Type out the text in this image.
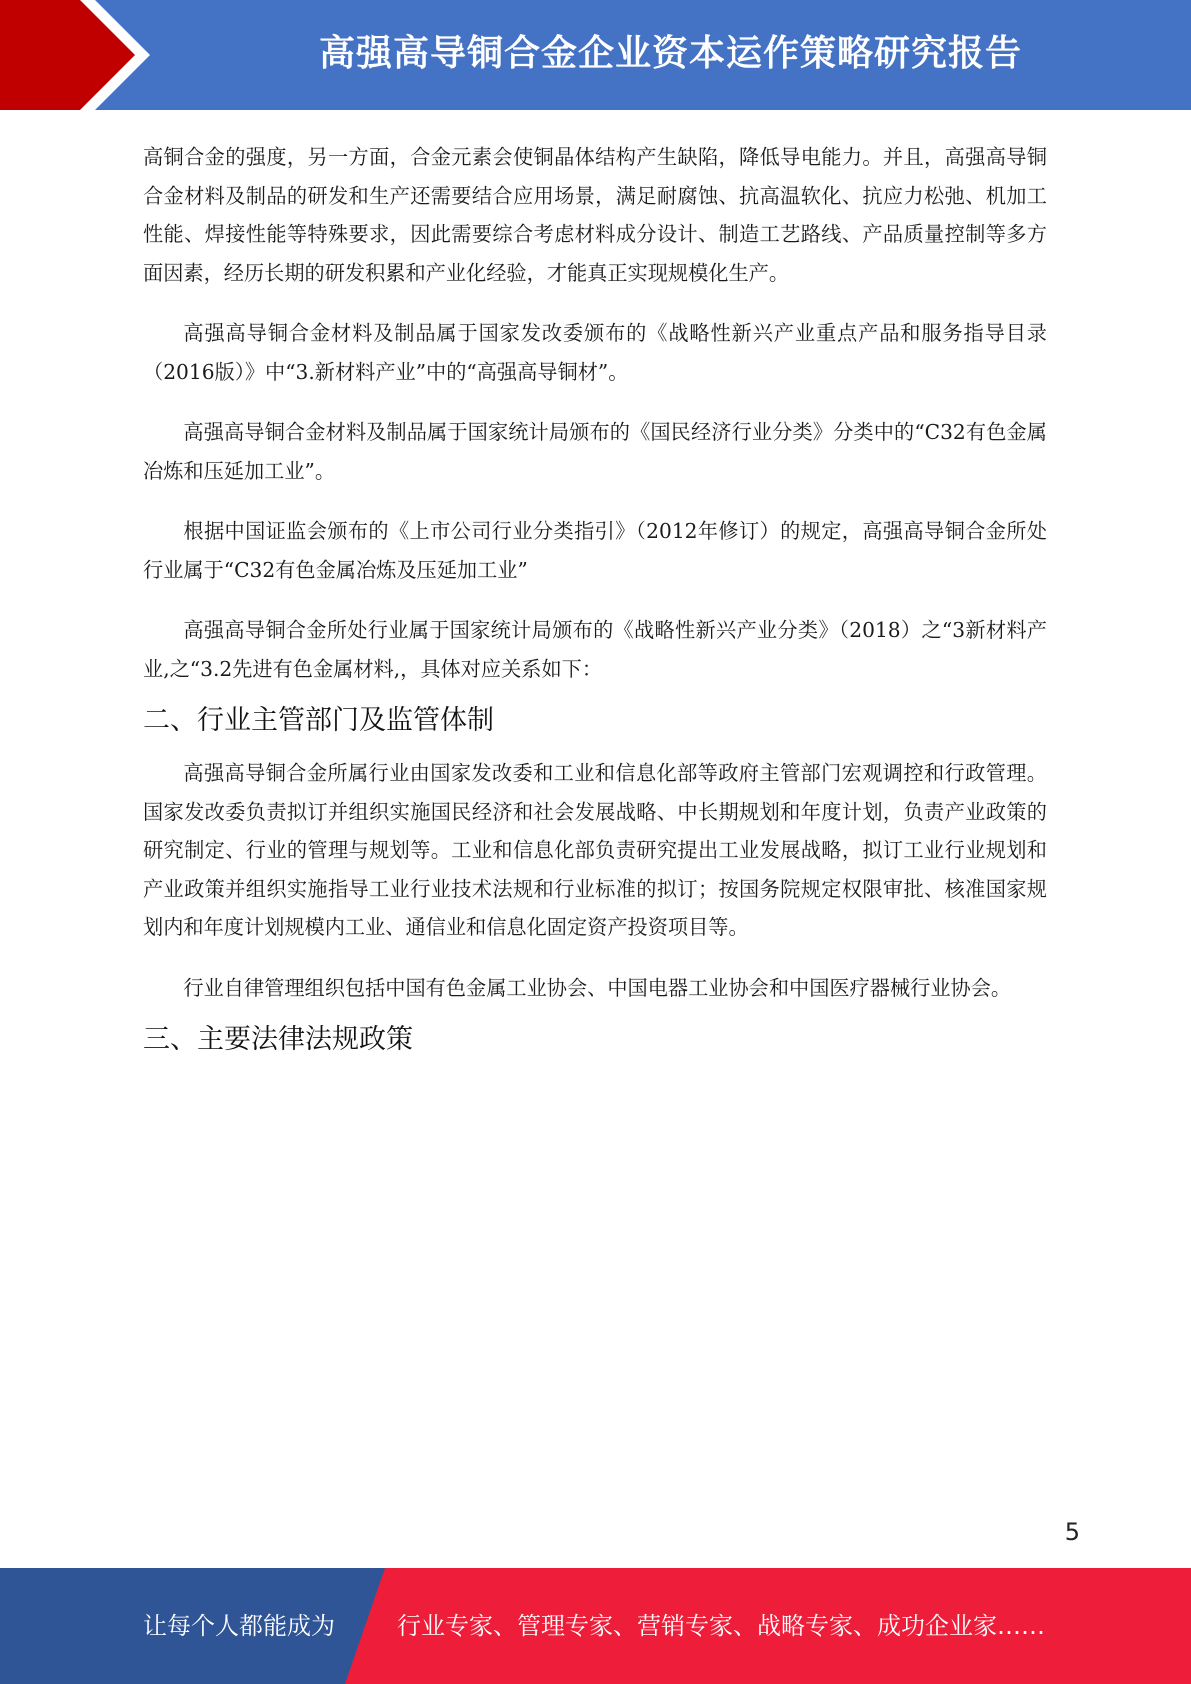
高强高导铜合金企业资本运作策略研究报告

高铜合金的强度，另一方面，合金元素会使铜晶体结构产生缺陷，降低导电能力。并且，高强高导铜合金材料及制品的研发和生产还需要结合应用场景，满足耐腐蚀、抗高温软化、抗应力松弛、机加工性能、焊接性能等特殊要求，因此需要综合考虑材料成分设计、制造工艺路线、产品质量控制等多方面因素，经历长期的研发积累和产业化经验，才能真正实现规模化生产。

高强高导铜合金材料及制品属于国家发改委颁布的《战略性新兴产业重点产品和服务指导目录（2016版）》中“3.新材料产业”中的“高强高导铜材”。

高强高导铜合金材料及制品属于国家统计局颁布的《国民经济行业分类》分类中的“C32有色金属冶炼和压延加工业”。

根据中国证监会颁布的《上市公司行业分类指引》（2012年修订）的规定，高强高导铜合金所处行业属于“C32有色金属冶炼及压延加工业”

高强高导铜合金所处行业属于国家统计局颁布的《战略性新兴产业分类》（2018）之“3新材料产业,之“3.2先进有色金属材料,，具体对应关系如下：

二、行业主管部门及监管体制

高强高导铜合金所属行业由国家发改委和工业和信息化部等政府主管部门宏观调控和行政管理。国家发改委负责拟订并组织实施国民经济和社会发展战略、中长期规划和年度计划，负责产业政策的研究制定、行业的管理与规划等。工业和信息化部负责研究提出工业发展战略，拟订工业行业规划和产业政策并组织实施指导工业行业技术法规和行业标准的拟订；按国务院规定权限审批、核准国家规划内和年度计划规模内工业、通信业和信息化固定资产投资项目等。

行业自律管理组织包括中国有色金属工业协会、中国电器工业协会和中国医疗器械行业协会。

三、主要法律法规政策
5
让每个人都能成为	行业专家、管理专家、营销专家、战略专家、成功企业家……
